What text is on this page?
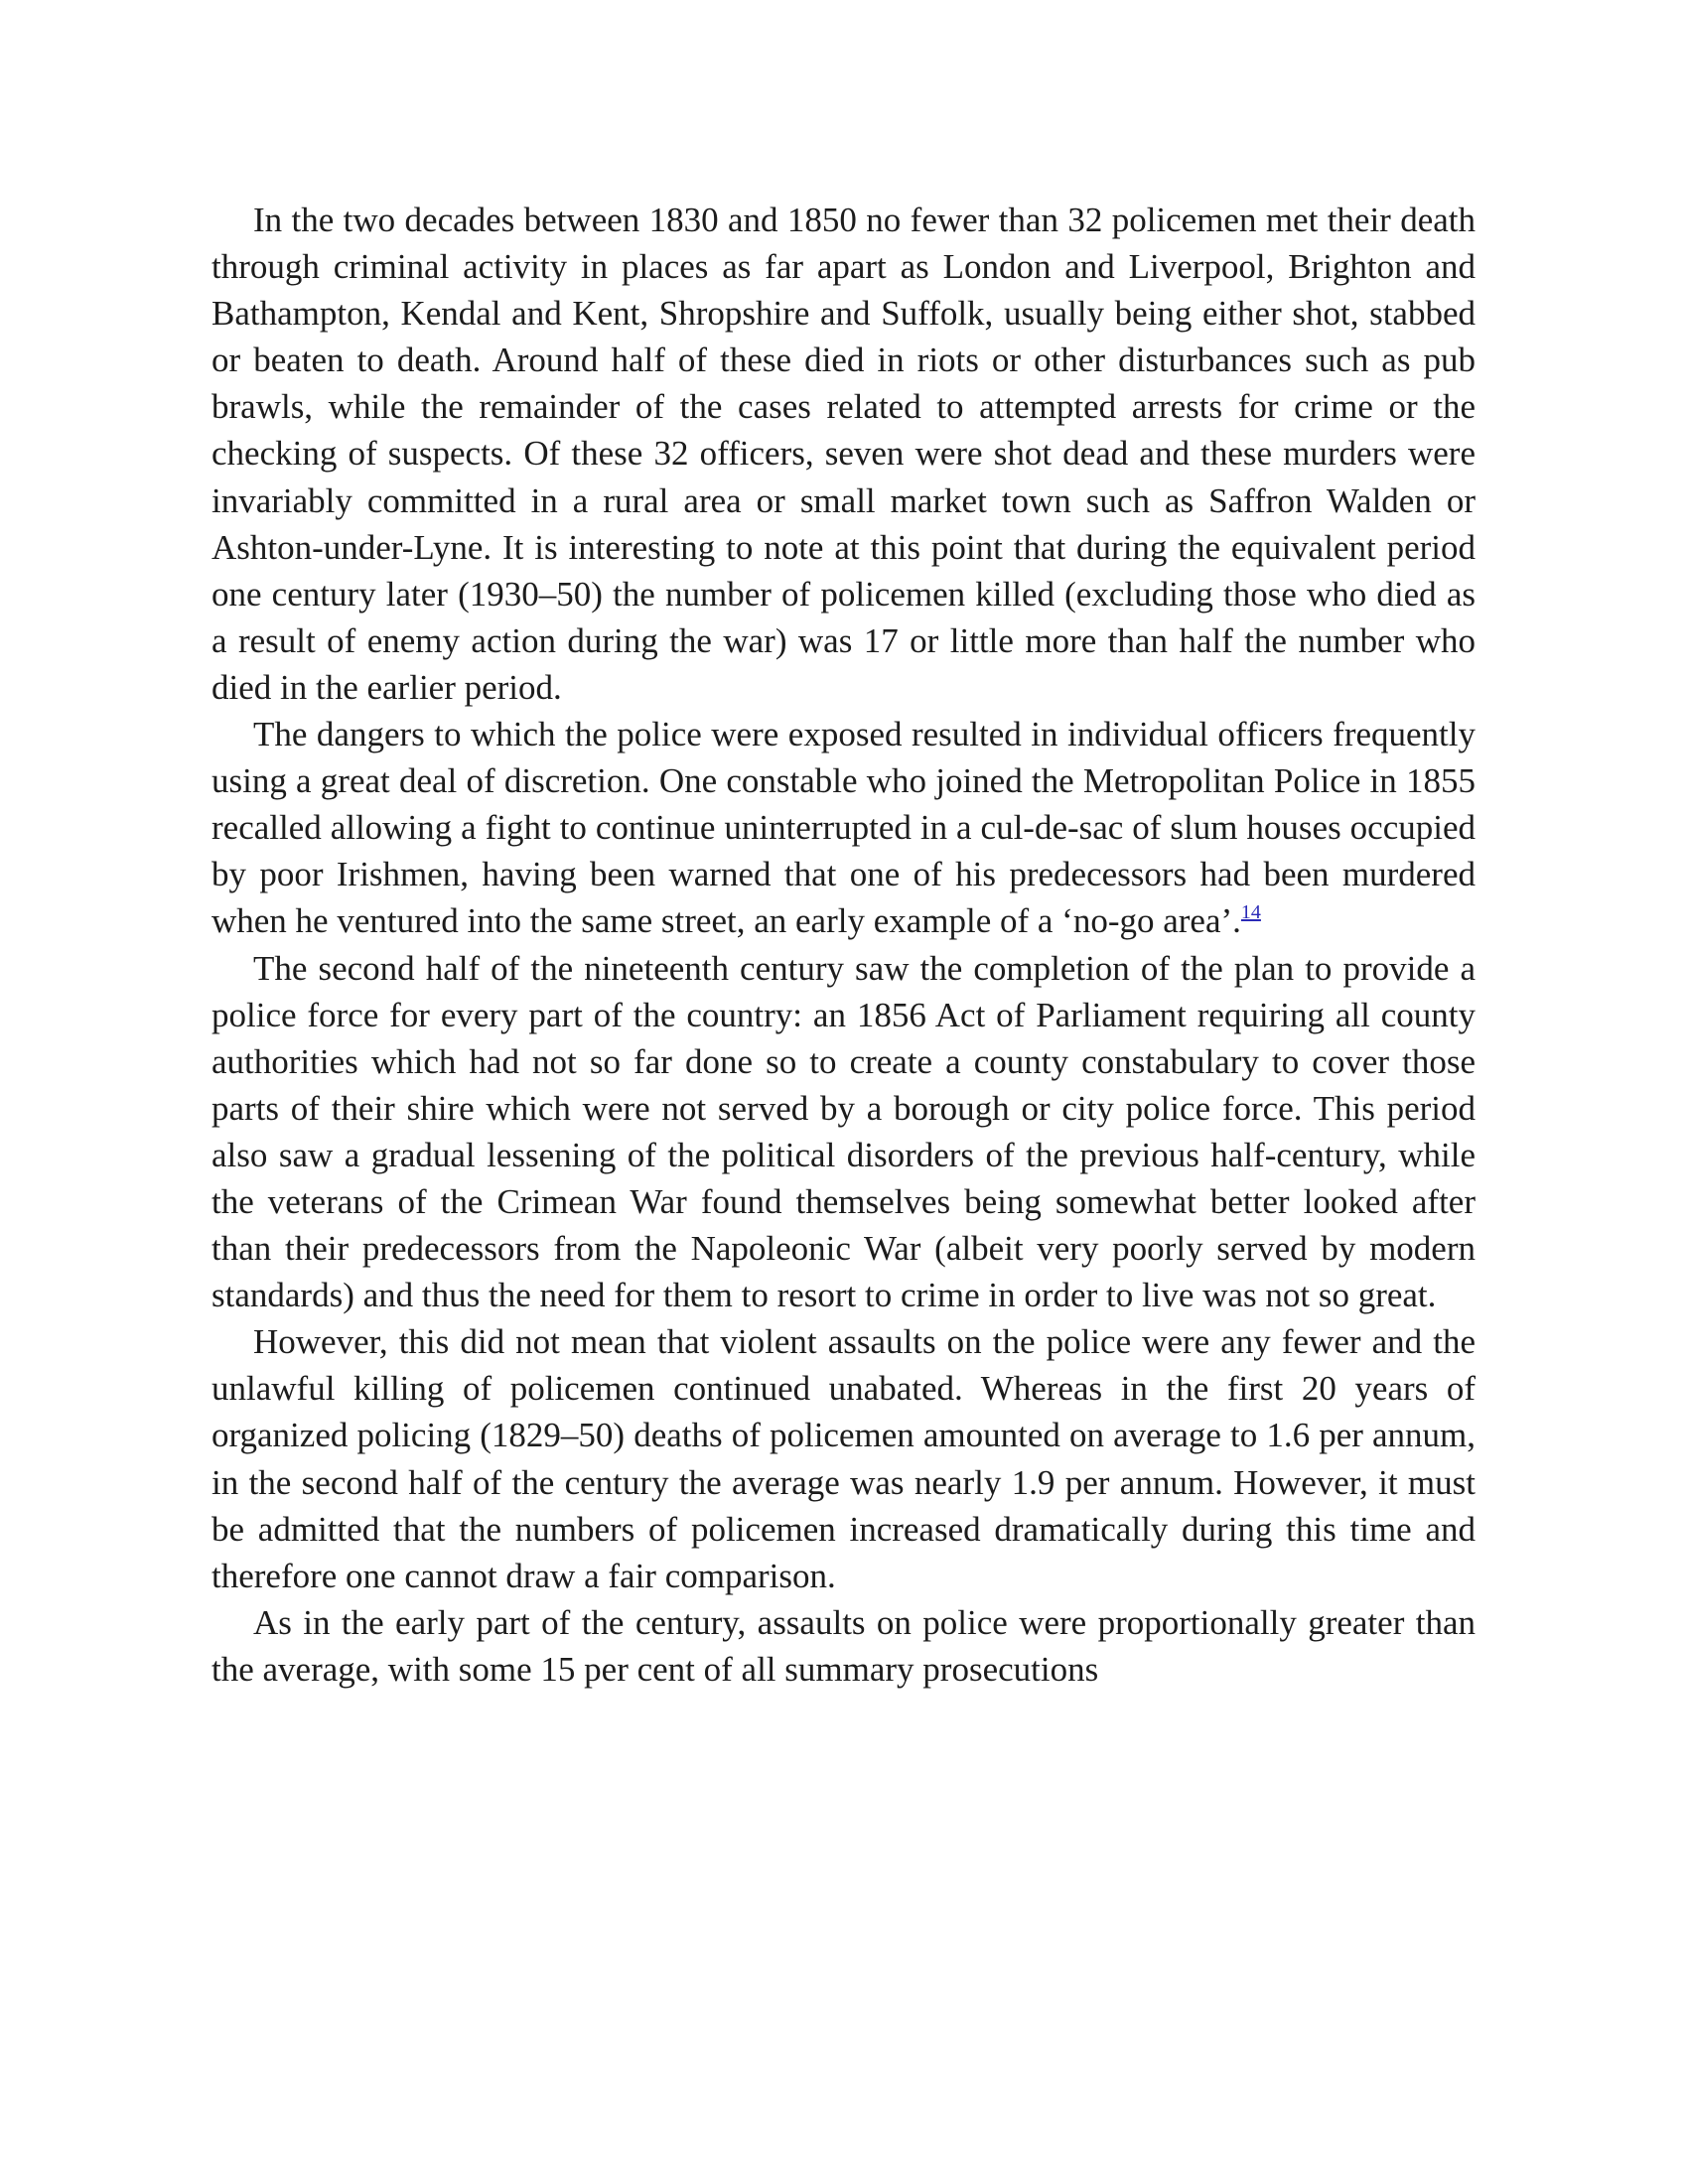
In the two decades between 1830 and 1850 no fewer than 32 policemen met their death through criminal activity in places as far apart as London and Liverpool, Brighton and Bathampton, Kendal and Kent, Shropshire and Suffolk, usually being either shot, stabbed or beaten to death. Around half of these died in riots or other disturbances such as pub brawls, while the remainder of the cases related to attempted arrests for crime or the checking of suspects. Of these 32 officers, seven were shot dead and these murders were invariably committed in a rural area or small market town such as Saffron Walden or Ashton-under-Lyne. It is interesting to note at this point that during the equivalent period one century later (1930–50) the number of policemen killed (excluding those who died as a result of enemy action during the war) was 17 or little more than half the number who died in the earlier period.

The dangers to which the police were exposed resulted in individual officers frequently using a great deal of discretion. One constable who joined the Metropolitan Police in 1855 recalled allowing a fight to continue uninterrupted in a cul-de-sac of slum houses occupied by poor Irishmen, having been warned that one of his predecessors had been murdered when he ventured into the same street, an early example of a ‘no-go area’.$^{14}$

The second half of the nineteenth century saw the completion of the plan to provide a police force for every part of the country: an 1856 Act of Parliament requiring all county authorities which had not so far done so to create a county constabulary to cover those parts of their shire which were not served by a borough or city police force. This period also saw a gradual lessening of the political disorders of the previous half-century, while the veterans of the Crimean War found themselves being somewhat better looked after than their predecessors from the Napoleonic War (albeit very poorly served by modern standards) and thus the need for them to resort to crime in order to live was not so great.

However, this did not mean that violent assaults on the police were any fewer and the unlawful killing of policemen continued unabated. Whereas in the first 20 years of organized policing (1829–50) deaths of policemen amounted on average to 1.6 per annum, in the second half of the century the average was nearly 1.9 per annum. However, it must be admitted that the numbers of policemen increased dramatically during this time and therefore one cannot draw a fair comparison.

As in the early part of the century, assaults on police were proportionally greater than the average, with some 15 per cent of all summary prosecutions
